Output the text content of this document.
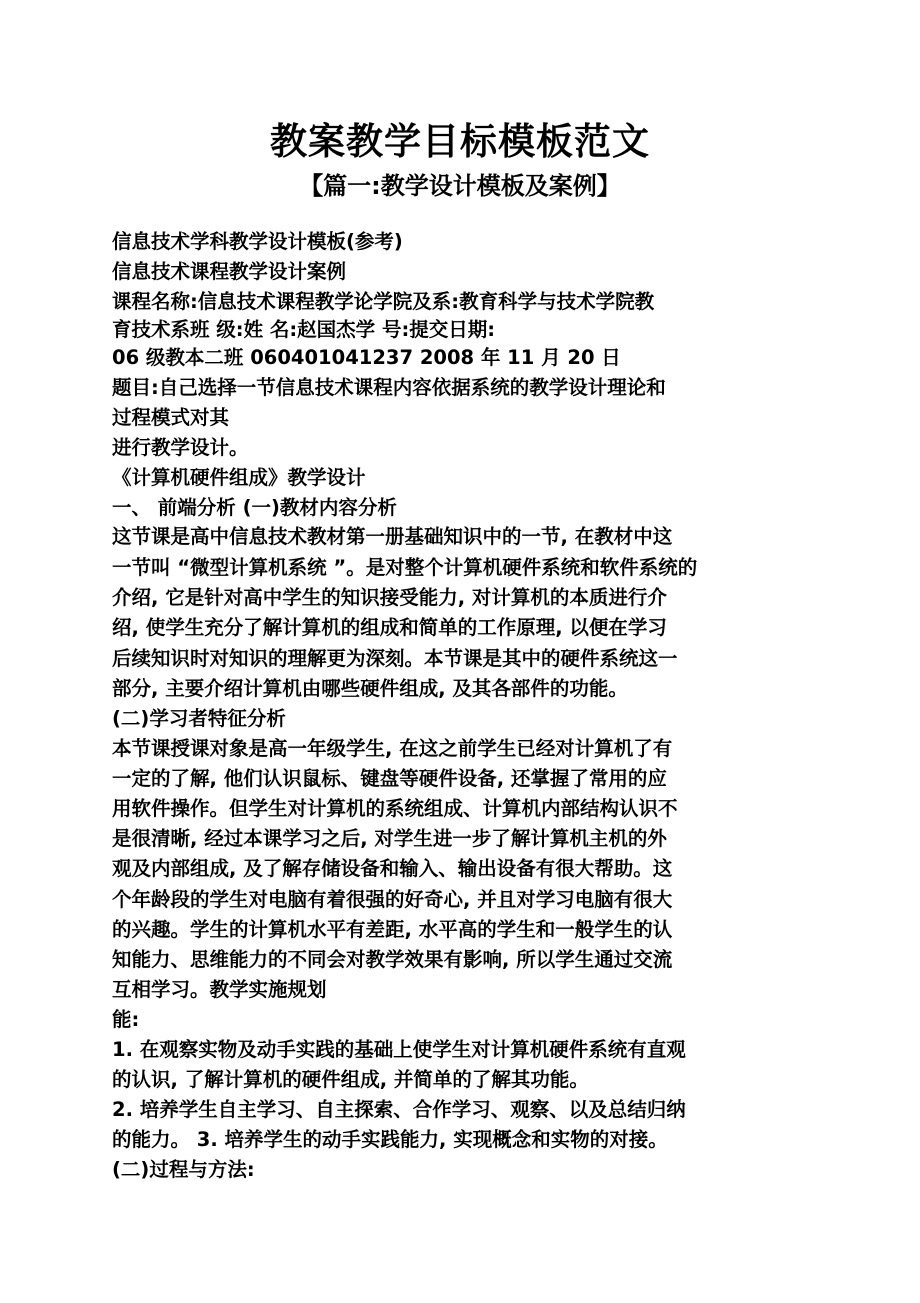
教案教学目标模板范文
【篇一:教学设计模板及案例】
信息技术学科教学设计模板(参考)
信息技术课程教学设计案例
课程名称:信息技术课程教学论学院及系:教育科学与技术学院教
育技术系班 级:姓 名:赵国杰学 号:提交日期:
06 级教本二班 060401041237 2008 年 11 月 20 日
题目:自己选择一节信息技术课程内容依据系统的教学设计理论和
过程模式对其
进行教学设计。
《计算机硬件组成》教学设计
一、 前端分析 (一)教材内容分析
这节课是高中信息技术教材第一册基础知识中的一节, 在教材中这
一节叫 “微型计算机系统 ”。是对整个计算机硬件系统和软件系统的
介绍, 它是针对高中学生的知识接受能力, 对计算机的本质进行介
绍, 使学生充分了解计算机的组成和简单的工作原理, 以便在学习
后续知识时对知识的理解更为深刻。本节课是其中的硬件系统这一
部分, 主要介绍计算机由哪些硬件组成, 及其各部件的功能。
(二)学习者特征分析
本节课授课对象是高一年级学生, 在这之前学生已经对计算机了有
一定的了解, 他们认识鼠标、键盘等硬件设备, 还掌握了常用的应
用软件操作。但学生对计算机的系统组成、计算机内部结构认识不
是很清晰, 经过本课学习之后, 对学生进一步了解计算机主机的外
观及内部组成, 及了解存储设备和输入、输出设备有很大帮助。这
个年龄段的学生对电脑有着很强的好奇心, 并且对学习电脑有很大
的兴趣。学生的计算机水平有差距, 水平高的学生和一般学生的认
知能力、思维能力的不同会对教学效果有影响, 所以学生通过交流
互相学习。教学实施规划
能:
1. 在观察实物及动手实践的基础上使学生对计算机硬件系统有直观
的认识, 了解计算机的硬件组成, 并简单的了解其功能。
2. 培养学生自主学习、自主探索、合作学习、观察、以及总结归纳
的能力。 3. 培养学生的动手实践能力, 实现概念和实物的对接。
(二)过程与方法:
